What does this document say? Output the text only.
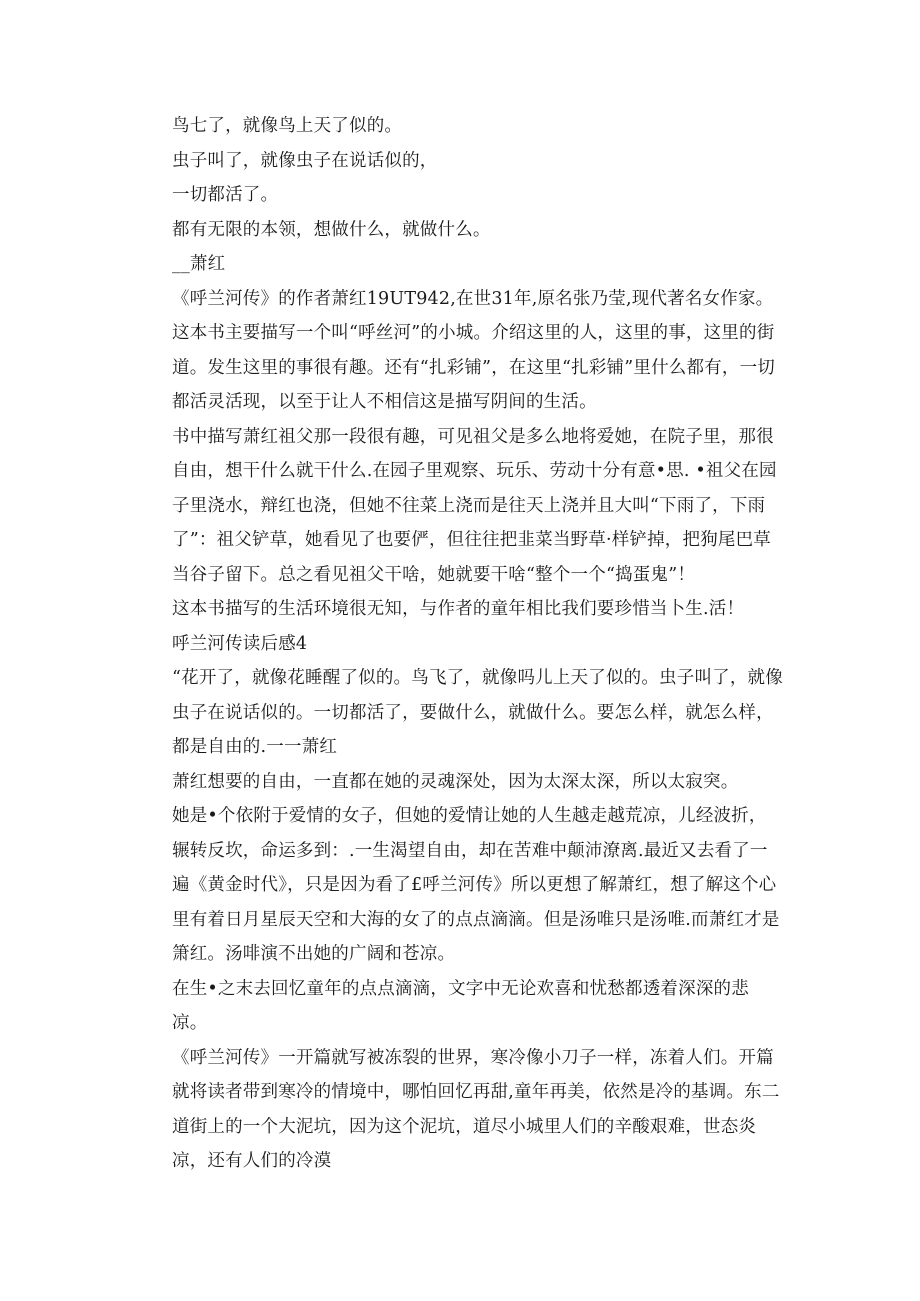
鸟七了，就像鸟上天了似的。

虫子叫了，就像虫子在说话似的，

一切都活了。

都有无限的本领，想做什么，就做什么。

__萧红

《呼兰河传》的作者萧红19UT942,在世31年,原名张乃莹,现代著名女作家。

这本书主要描写一个叫“呼丝河”的小城。介绍这里的人，这里的事，这里的街道。发生这里的事很有趣。还有“扎彩铺”，在这里“扎彩铺”里什么都有，一切都活灵活现，以至于让人不相信这是描写阴间的生活。

书中描写萧红祖父那一段很有趣，可见祖父是多么地将爱她，在院子里，那很自由，想干什么就干什么.在园子里观察、玩乐、劳动十分有意•思. •祖父在园子里浇水，辩红也浇，但她不往菜上浇而是往天上浇并且大叫“下雨了，下雨了”：祖父铲草，她看见了也要俨，但往往把韭菜当野草·样铲掉，把狗尾巴草当谷子留下。总之看见祖父干啥，她就要干啥“整个一个“捣蛋鬼”！

这本书描写的生活环境很无知，与作者的童年相比我们要珍惜当卜生.活！

呼兰河传读后感4

“花开了，就像花睡醒了似的。鸟飞了，就像吗儿上天了似的。虫子叫了，就像虫子在说话似的。一切都活了，要做什么，就做什么。要怎么样，就怎么样，都是自由的.一一萧红

萧红想要的自由，一直都在她的灵魂深处，因为太深太深，所以太寂突。

她是•个依附于爱情的女子，但她的爱情让她的人生越走越荒凉，儿经波折，辗转反坎，命运多到：.一生渴望自由，却在苦难中颠沛潦离.最近又去看了一遍《黄金时代》，只是因为看了£呼兰河传》所以更想了解萧红，想了解这个心里有着日月星辰天空和大海的女了的点点滴滴。但是汤唯只是汤唯.而萧红才是箫红。汤啡演不出她的广阔和苍凉。

在生•之末去回忆童年的点点滴滴，文字中无论欢喜和忧愁都透着深深的悲凉。

《呼兰河传》一开篇就写被冻裂的世界，寒冷像小刀子一样，冻着人们。开篇就将读者带到寒冷的情境中，哪怕回忆再甜,童年再美，依然是冷的基调。东二道街上的一个大泥坑，因为这个泥坑，道尽小城里人们的辛酸艰难，世态炎凉，还有人们的冷漠
